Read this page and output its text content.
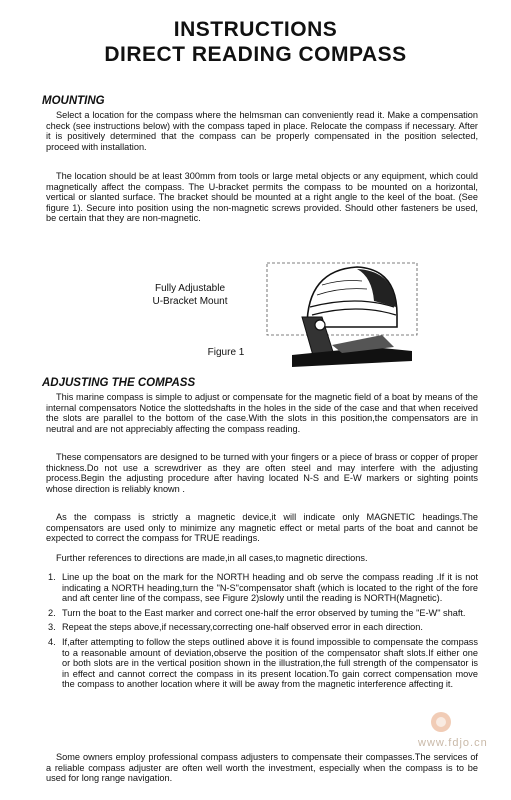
INSTRUCTIONS
DIRECT READING COMPASS
MOUNTING

Select a location for the compass where the helmsman can conveniently read it. Make a compensation check (see instructions below) with the compass taped in place. Relocate the compass if necessary. After it is positively determined that the compass can be properly compensated in the position selected, proceed with installation.

The location should be at least 300mm from tools or large metal objects or any equipment, which could magnetically affect the compass. The U-bracket permits the compass to be mounted on a horizontal, vertical or slanted surface. The bracket should be mounted at a right angle to the keel of the boat. (See figure 1). Secure into position using the non-magnetic screws provided. Should other fasteners be used, be certain that they are non-magnetic.

Fully Adjustable
U-Bracket Mount
Figure 1
ADJUSTING THE COMPASS

This marine compass is simple to adjust or compensate for the magnetic field of a boat by means of the internal compensators Notice the slottedshafts in the holes in the side of the case and that when received the slots are parallel to the bottom of the case.With the slots in this position,the compensators are in neutral and are not appreciably affecting the compass reading.

These compensators are designed to be turned with your fingers or a piece of brass or copper of proper thickness.Do not use a screwdriver as they are often steel and may interfere with the adjusting process.Begin the adjusting procedure after having located N-S and E-W markers or sighting points whose direction is reliably known .

As the compass is strictly a magnetic device,it will indicate only MAGNETIC headings.The compensators are used only to minimize any magnetic effect or metal parts of the boat and cannot be expected to correct the compass for TRUE readings.

Further references to directions are made,in all cases,to magnetic directions.

1. Line up the boat on the mark for the NORTH heading and ob serve the compass reading .If it is not indicating a NORTH heading,turn the "N-S"compensator shaft (which is located to the right of the fore and aft center line of the compass, see Figure 2)slowly until the reading is NORTH(Magnetic).
2. Turn the boat to the East marker and correct one-half the error observed by tuming the "E-W" shaft.
3. Repeat the steps above,if necessary,correcting one-half observed error in each direction.
4. If,after attempting to follow the steps outlined above it is found impossible to compensate the compass to a reasonable amount of deviation,observe the position of the compensator shaft slots.If either one or both slots are in the vertical position shown in the illustration,the full strength of the compensator is in effect and cannot correct the compass in its present location.To gain correct compensation move the compass to another location where it will be away from the magnetic interference affecting it.

Some owners employ professional compass adjusters to compensate their compasses.The services of a reliable compass adjuster are often well worth the investment, especially when the compass is to be used for long range navigation.

www.fdjo.cn
